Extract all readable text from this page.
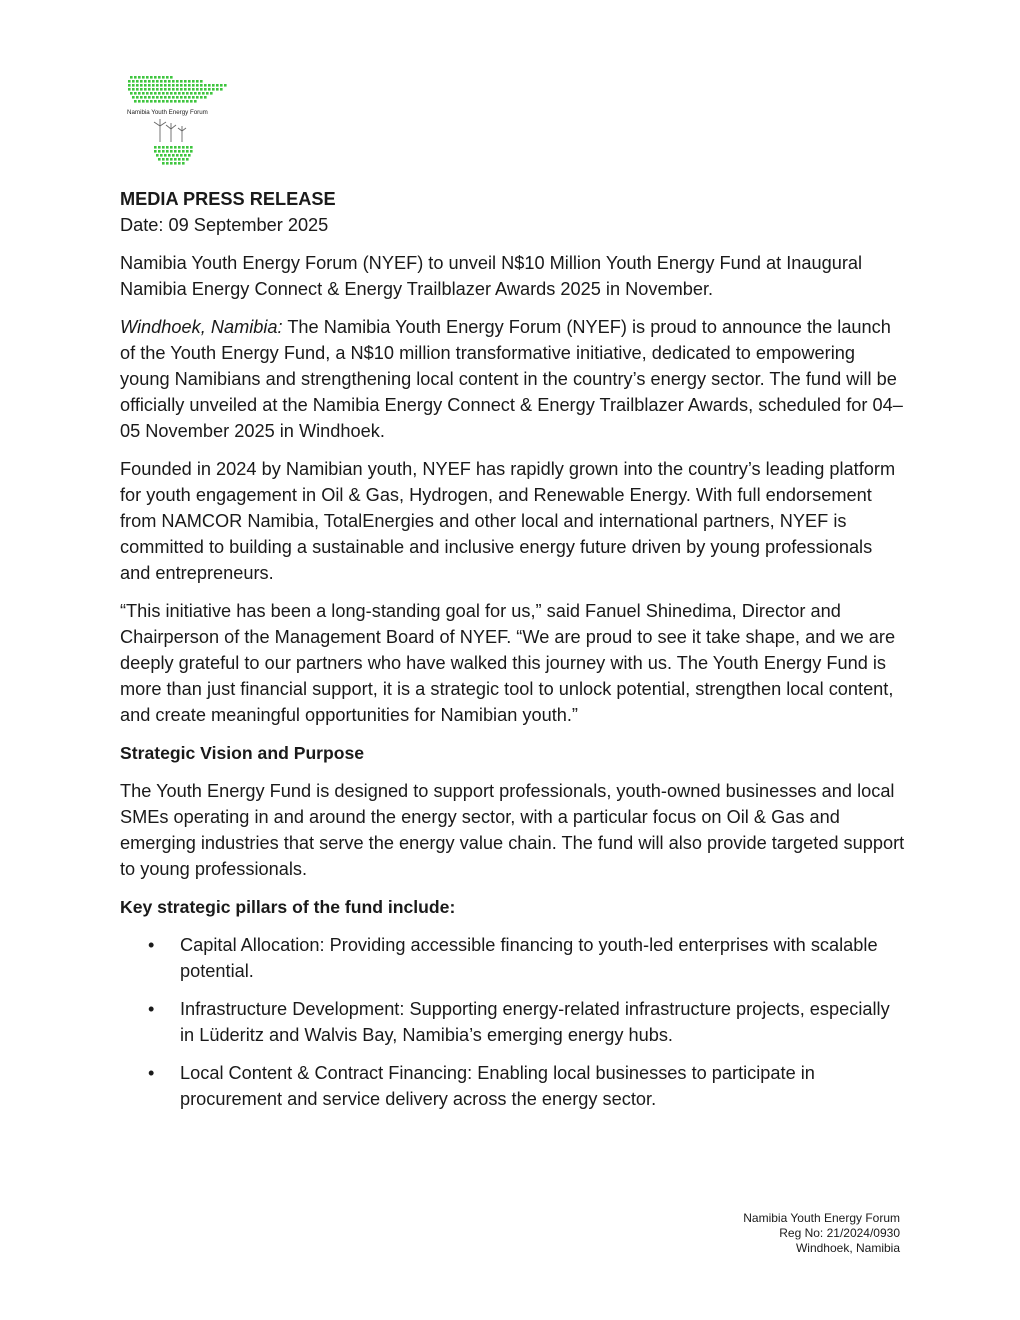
Namibia Youth Energy Forum
MEDIA PRESS RELEASE
Date: 09 September 2025

Namibia Youth Energy Forum (NYEF) to unveil N$10 Million Youth Energy Fund at Inaugural Namibia Energy Connect & Energy Trailblazer Awards 2025 in November.

Windhoek, Namibia: The Namibia Youth Energy Forum (NYEF) is proud to announce the launch of the Youth Energy Fund, a N$10 million transformative initiative, dedicated to empowering young Namibians and strengthening local content in the country’s energy sector. The fund will be officially unveiled at the Namibia Energy Connect & Energy Trailblazer Awards, scheduled for 04–05 November 2025 in Windhoek.

Founded in 2024 by Namibian youth, NYEF has rapidly grown into the country’s leading platform for youth engagement in Oil & Gas, Hydrogen, and Renewable Energy. With full endorsement from NAMCOR Namibia, TotalEnergies and other local and international partners, NYEF is committed to building a sustainable and inclusive energy future driven by young professionals and entrepreneurs.

“This initiative has been a long-standing goal for us,” said Fanuel Shinedima, Director and Chairperson of the Management Board of NYEF. “We are proud to see it take shape, and we are deeply grateful to our partners who have walked this journey with us. The Youth Energy Fund is more than just financial support, it is a strategic tool to unlock potential, strengthen local content, and create meaningful opportunities for Namibian youth.”

Strategic Vision and Purpose

The Youth Energy Fund is designed to support professionals, youth-owned businesses and local SMEs operating in and around the energy sector, with a particular focus on Oil & Gas and emerging industries that serve the energy value chain. The fund will also provide targeted support to young professionals.

Key strategic pillars of the fund include:
• Capital Allocation: Providing accessible financing to youth-led enterprises with scalable potential.
• Infrastructure Development: Supporting energy-related infrastructure projects, especially in Lüderitz and Walvis Bay, Namibia’s emerging energy hubs.
• Local Content & Contract Financing: Enabling local businesses to participate in procurement and service delivery across the energy sector.
Namibia Youth Energy Forum
Reg No: 21/2024/0930
Windhoek, Namibia
